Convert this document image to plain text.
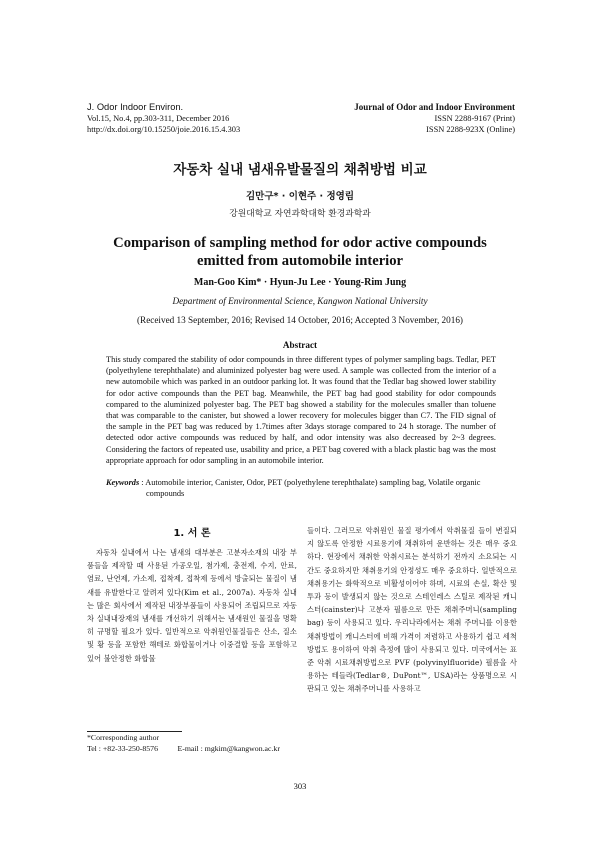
J. Odor Indoor Environ.
Vol.15, No.4, pp.303-311, December 2016
http://dx.doi.org/10.15250/joie.2016.15.4.303
Journal of Odor and Indoor Environment
ISSN 2288-9167 (Print)
ISSN 2288-923X (Online)
자동차 실내 냄새유발물질의 채취방법 비교
김만구* · 이현주 · 정영림
강원대학교 자연과학대학 환경과학과
Comparison of sampling method for odor active compounds emitted from automobile interior
Man-Goo Kim* · Hyun-Ju Lee · Young-Rim Jung
Department of Environmental Science, Kangwon National University
(Received 13 September, 2016; Revised 14 October, 2016; Accepted 3 November, 2016)
Abstract
This study compared the stability of odor compounds in three different types of polymer sampling bags. Tedlar, PET (polyethylene terephthalate) and aluminized polyester bag were used. A sample was collected from the interior of a new automobile which was parked in an outdoor parking lot. It was found that the Tedlar bag showed lower stability for odor active compounds than the PET bag. Meanwhile, the PET bag had good stability for odor compounds compared to the aluminized polyester bag. The PET bag showed a stability for the molecules smaller than toluene that was comparable to the canister, but showed a lower recovery for molecules bigger than C7. The FID signal of the sample in the PET bag was reduced by 1.7times after 3days storage compared to 24 h storage. The number of detected odor active compounds was reduced by half, and odor intensity was also decreased by 2~3 degrees. Considering the factors of repeated use, usability and price, a PET bag covered with a black plastic bag was the most appropriate approach for odor sampling in an automobile interior.
Keywords : Automobile interior, Canister, Odor, PET (polyethylene terephthalate) sampling bag, Volatile organic
compounds
1. 서 론
자동차 실내에서 나는 냄새의 대부분은 고분자소재의 내장 부품들을 제작할 때 사용된 가공오일, 첨가제, 충전제, 수지, 안료, 염료, 난연제, 가소제, 접착제, 접착제 등에서 방출되는 물질이 냄새를 유발한다고 알려져 있다(Kim et al., 2007a). 자동차 실내는 많은 회사에서 제작된 내장부품들이 사용되어 조립되므로 자동차 실내내장재의 냄새를 개선하기 위해서는 냄새원인 물질을 명확히 규명할 필요가 있다. 일반적으로 악취원인물질들은 산소, 질소 및 황 등을 포함한 해테로 화합물이거나 이중결합 등을 포함하고 있어 불안정한 화합물
들이다. 그러므로 악취원인 물질 평가에서 악취물질 들이 변질되지 않도록 안정한 시료용기에 채취하여 운반하는 것은 매우 중요하다. 현장에서 채취한 악취시료는 분석하기 전까지 소요되는 시간도 중요하지만 채취용기의 안정성도 매우 중요하다. 일반적으로 채취용기는 화학적으로 비활성이어야 하며, 시료의 손실, 확산 및 투과 등이 발생되지 않는 것으로 스테인레스 스틸로 제작된 캐니스터(cainster)나 고분자 필름으로 만든 채취주머니(sampling bag) 등이 사용되고 있다. 우리나라에서는 채취 주머니를 이용한 채취방법이 캐니스터에 비해 가격이 저렴하고 사용하기 쉽고 세척 방법도 용이하여 악취 측정에 많이 사용되고 있다. 미국에서는 표준 악취 시료채취방법으로 PVF (polyvinylfluoride) 필름을 사용하는 테들라(Tedlar®, DuPont™, USA)라는 상품명으로 시판되고 있는 채취주머니를 사용하고
*Corresponding author
Tel : +82-33-250-8576          E-mail : mgkim@kangwon.ac.kr
303
